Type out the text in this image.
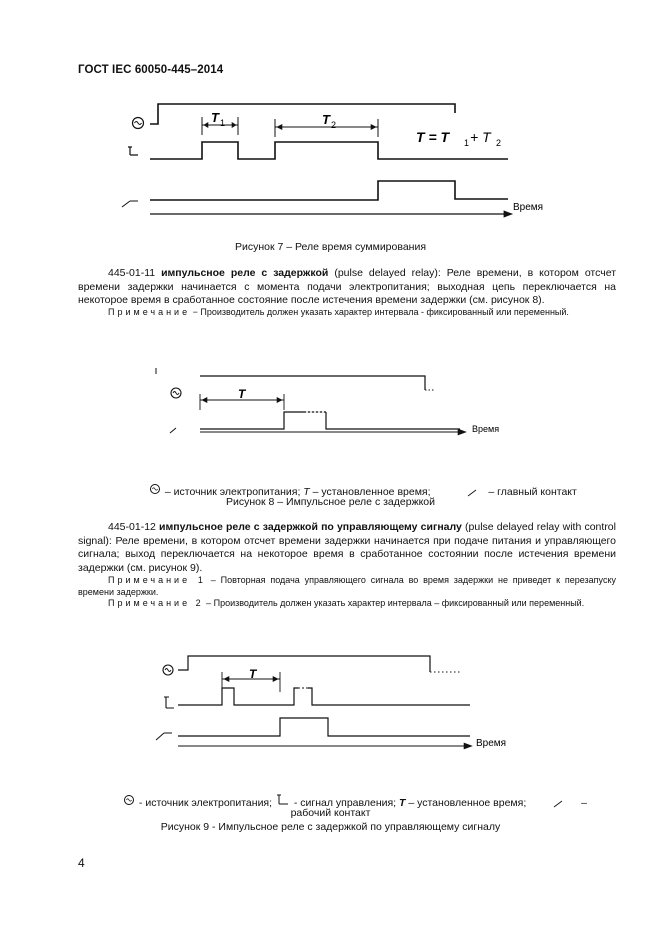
ГОСТ IEC 60050-445–2014
T 1	T 2
T = T 1 + T 2
Время
Рисунок 7 – Реле время суммирования
445-01-11 импульсное реле с задержкой (pulse delayed relay): Реле времени, в котором отсчет времени задержки начинается с момента подачи электропитания; выходная цепь переключается на некоторое время в сработанное состояние после истечения времени задержки (см. рисунок 8).
Примечание − Производитель должен указать характер интервала - фиксированный или переменный.
T
Время
– источник электропитания; T – установленное время;	– главный контакт
Рисунок 8 – Импульсное реле с задержкой
445-01-12 импульсное реле с задержкой по управляющему сигналу (pulse delayed relay with control signal): Реле времени, в котором отсчет времени задержки начинается при подаче питания и управляющего сигнала; выход переключается на некоторое время в сработанное состоянии после истечения времени задержки (см. рисунок 9).
Примечание 1 – Повторная подача управляющего сигнала во время задержки не приведет к перезапуску времени задержки.
Примечание 2 – Производитель должен указать характер интервала – фиксированный или переменный.
T
Время
- источник электропитания;  - сигнал управления; T – установленное время;	–
рабочий контакт
Рисунок 9 - Импульсное реле с задержкой по управляющему сигналу
4
